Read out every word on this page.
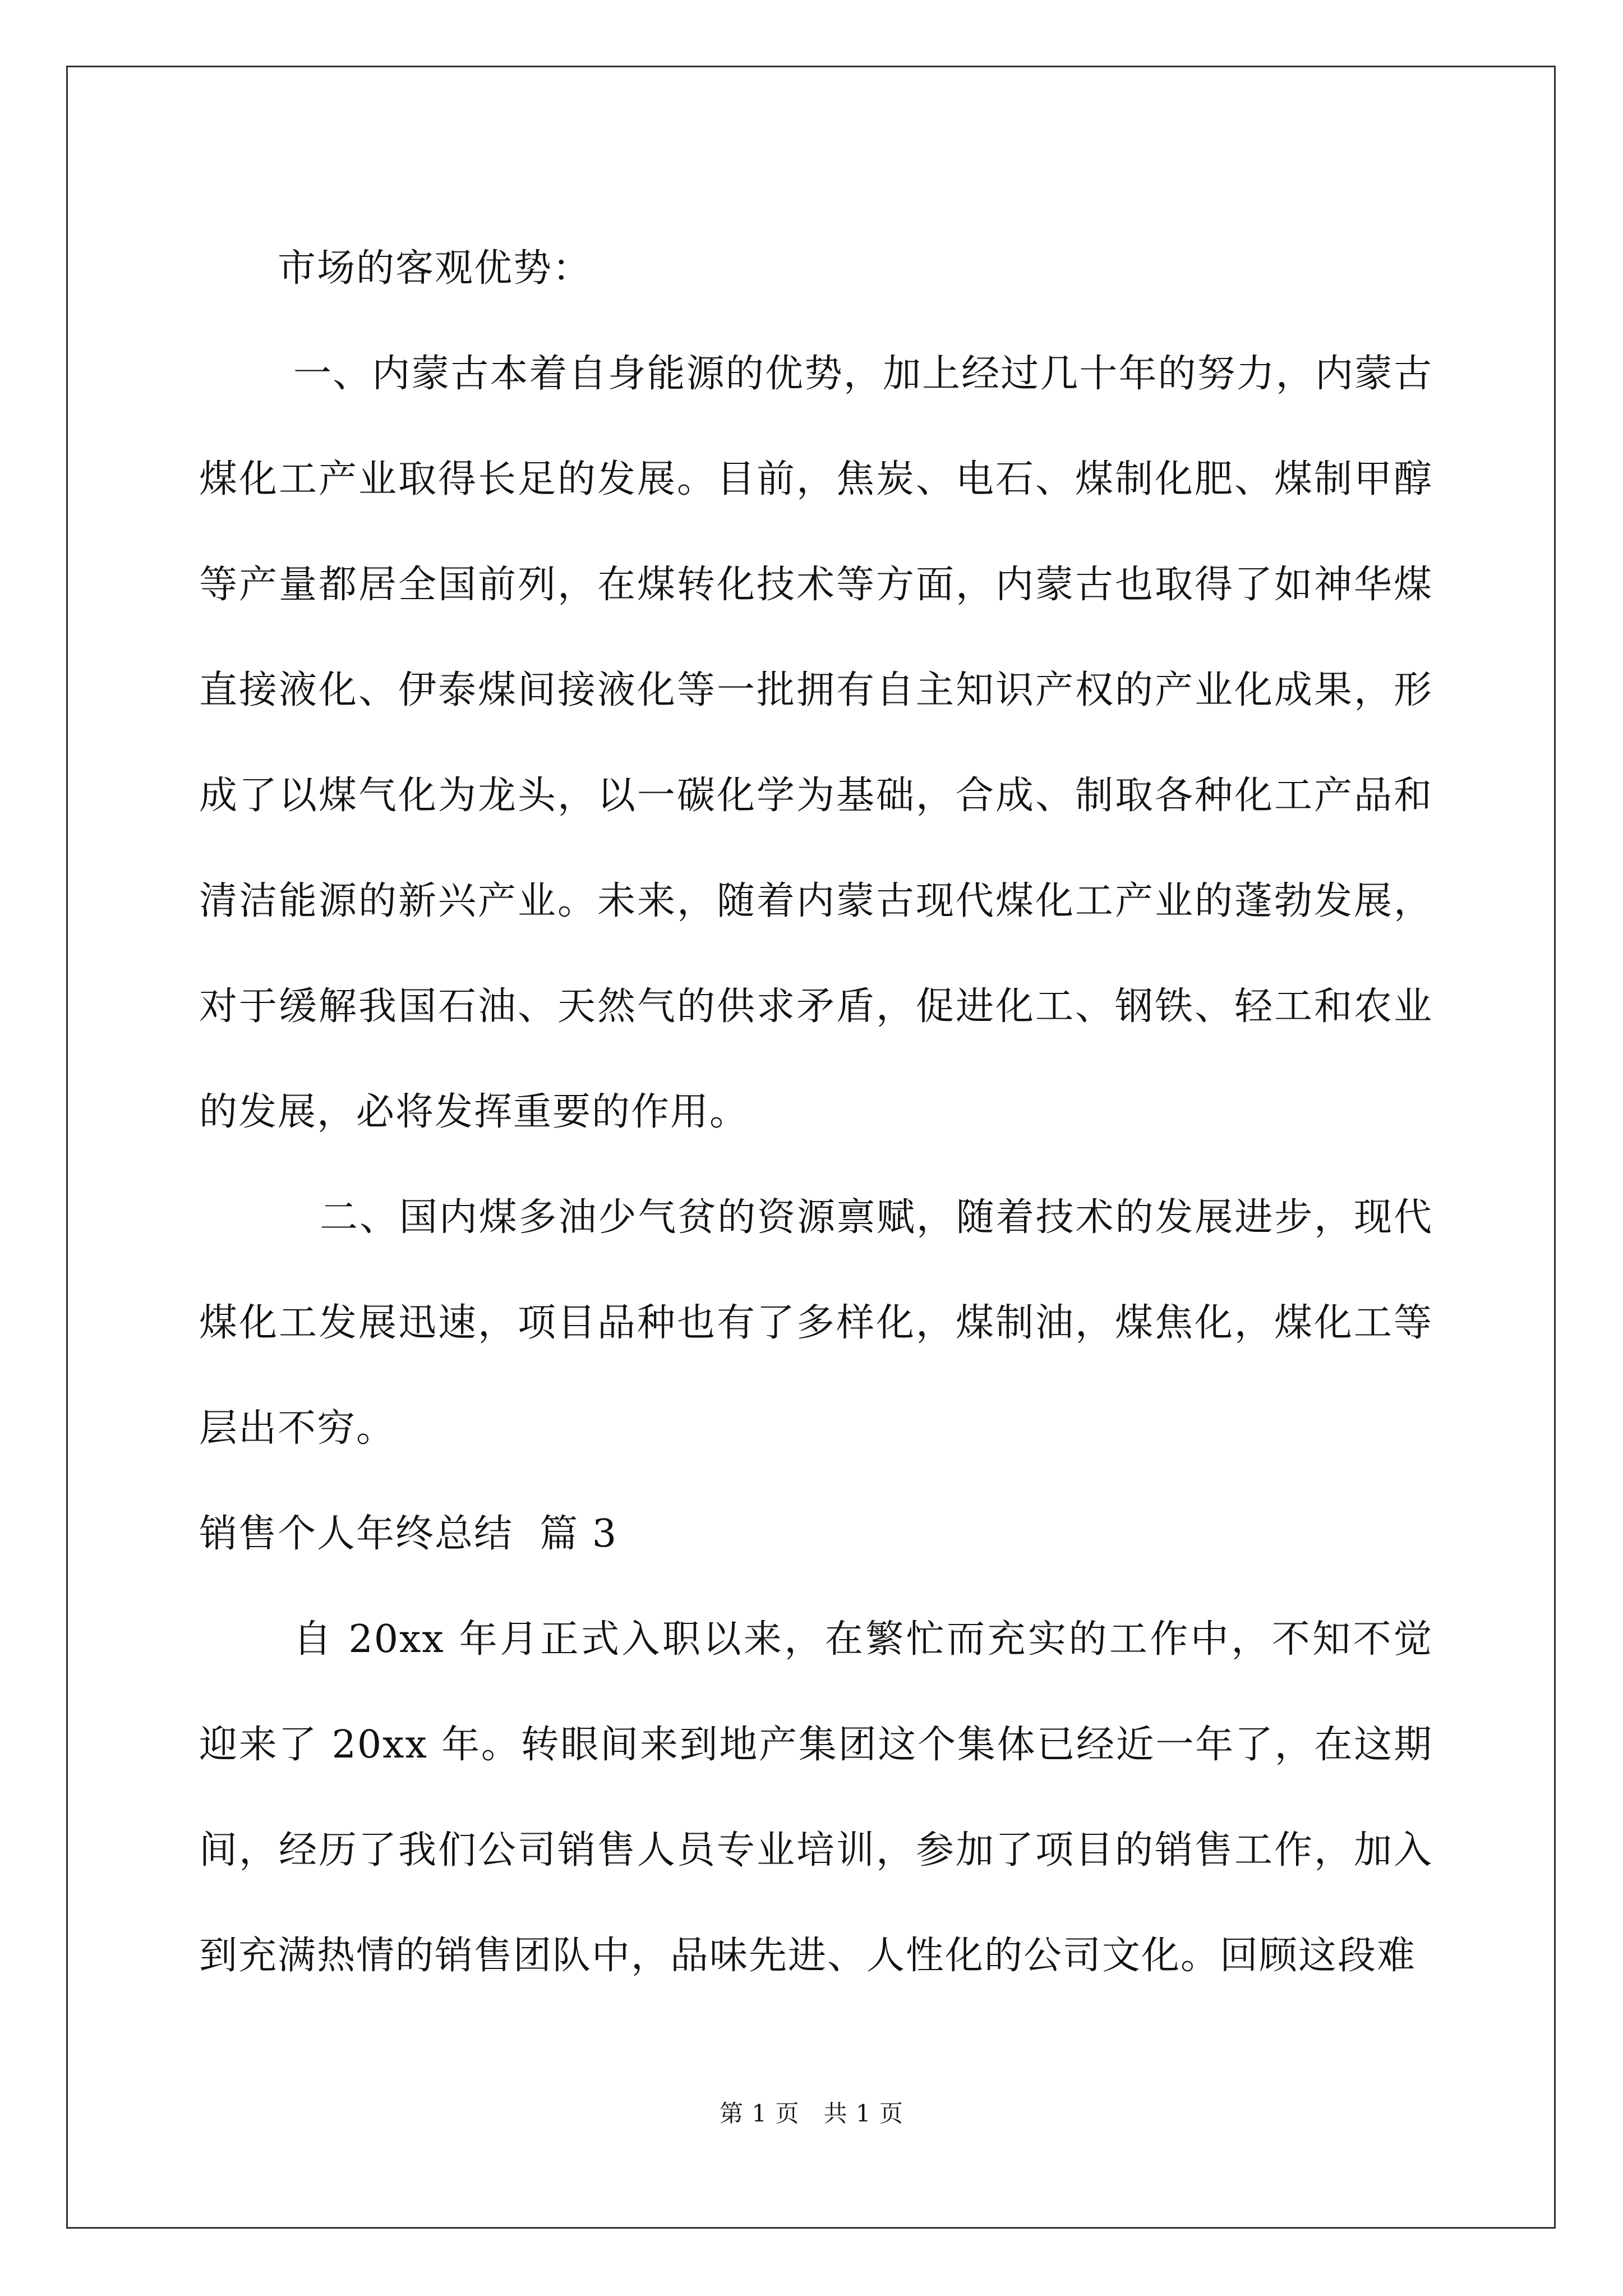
市场的客观优势：

一、内蒙古本着自身能源的优势，加上经过几十年的努力，内蒙古煤化工产业取得长足的发展。目前，焦炭、电石、煤制化肥、煤制甲醇等产量都居全国前列，在煤转化技术等方面，内蒙古也取得了如神华煤直接液化、伊泰煤间接液化等一批拥有自主知识产权的产业化成果，形成了以煤气化为龙头，以一碳化学为基础，合成、制取各种化工产品和清洁能源的新兴产业。未来，随着内蒙古现代煤化工产业的蓬勃发展，对于缓解我国石油、天然气的供求矛盾，促进化工、钢铁、轻工和农业的发展，必将发挥重要的作用。

二、国内煤多油少气贫的资源禀赋，随着技术的发展进步，现代煤化工发展迅速，项目品种也有了多样化，煤制油，煤焦化，煤化工等层出不穷。

销售个人年终总结  篇 3

自 20xx 年月正式入职以来，在繁忙而充实的工作中，不知不觉迎来了 20xx 年。转眼间来到地产集团这个集体已经近一年了，在这期间，经历了我们公司销售人员专业培训，参加了项目的销售工作，加入到充满热情的销售团队中，品味先进、人性化的公司文化。回顾这段难

第 1 页   共 1 页
